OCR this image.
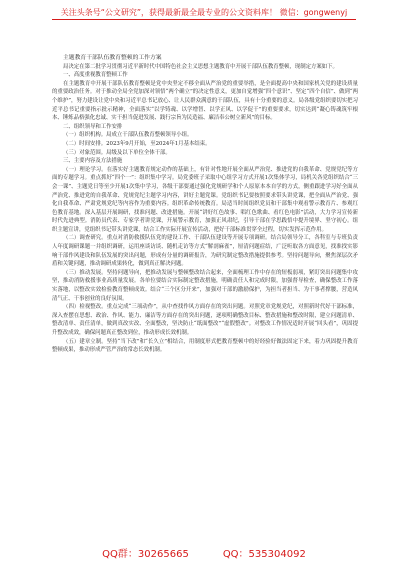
关注头条号“公文研究”，获得最新最全最专业的公文资料库！ 微信：gongwenyj

主题教育干部队伍教育整顿的工作方案

局决定在第二批学习贯彻习近平新时代中国特色社会主义思想主题教育中开展干部队伍教育整顿，现制定方案如下。

一、高度重视教育整顿工作

在主题教育中开展干部队伍教育整顿是党中央坚定不移全面从严治党的重要举措，是全面提高中央和国家机关党的建设质量的重要政治任务。对于推动全局全党加深对领悟“两个确立”的决定性意义，更加自觉增强“四个意识”、坚定“四个自信”、做到“两个维护”，努力建设让党中央和习近平总书记放心、让人民群众满意的干部队伍，具有十分重要的意义。局各级党组织要切实把习近平总书记重要指示批示精神，全面落实“以学铸魂、以学增智、以学正风、以学促干”的重要要求，切实达到“凝心铸魂筑牢根本、锤炼品格强化忠诚、实干担当促进发展、践行宗旨为民造福、廉洁奉公树立新风”的目标。

二、组织领导和工作安排

（一）组织机构。局成立干部队伍教育整顿领导小组。

（二）时间安排。2023年9月开始，至2024年1月基本结束。

（三）对象范围。局级及以下单位全体干部。

三、主要内容及方法措施

（一）理论学习。在落实好主题教育规定动作的基础上，有针对性地开展全面从严治党、推进党的自我革命、党规党纪等方面的专题学习。重点抓好“四个一”：组织集中学习。局党委班子采取中心组学习方式开展1次集体学习，局机关各党组织结合“三会一课”、主题党日等至少开展1次集中学习，各级干部要通过强化党规研学和个人原原本本自学的方式，侧重跟进学习好全面从严治党、推进党的自我革命、党规党纪主题学习内容，讲好主题党课。党组织书记要按照要求带头讲党课，把全面从严治党、强化自我革命、严肃党规党纪等内容作为重要内容。组织革命传统教育。局适当时间组织党员和干部集中观看警示教育片、参观红色教育基地。深入基层开展调研，找准问题、改进措施。开展“讲好红色故事、唱红色歌曲、看红色电影”活动，大力学习宣传新时代先进典型。消防员代表、专家学者讲党课，开展警示教育，加强正风肃纪，引导干部在学思践悟中提升境界、坚守初心。组织主题宣讲，党组织书记带头讲党课，结合工作实际开展宣传活动，把好干部标准贯穿全过程，切实发挥示范作用。

（二）调查研究。重点对消防救援队伍党的建设工作、干部队伍建设等开展专项调研。结合局领导分工，各科室与专班负责人年度调研课题一并组织调研，运用座谈访谈、随机走访等方式“解剖麻雀”，厘清问题症结，广泛听取各方面意见，找准找实影响干部作风建设和队伍发展的突出问题，形成有分量的调研报告，为研究制定整改措施提供参考。坚持问题导向，聚焦深层次矛盾和关键问题，推动调研成果转化，做到真正解决问题。

（三）推动发展。坚持问题导向，把推动发展与整顿整改结合起来，全面梳理工作中存在的短板弱项，紧盯突出问题集中攻坚，推动消防救援事业高质量发展。各单位要结合实际制定整改措施，明确责任人和完成时限，加强督导检查，确保整改工作落实落地，以整改实效检验教育整顿成效。结合“三个区分开来”，加强对干部的激励保护，为担当者担当、为干事者撑腰，营造风清气正、干事创业的良好氛围。

（四）检视整改。重点完成“三项动作”，从中查找作风方面存在的突出问题。对照党章党规党纪，对照新时代好干部标准，深入查摆在思想、政治、作风、能力、廉洁等方面存在的突出问题，逐项明确整改目标、整改措施和整改时限，建立问题清单、整改清单、责任清单，做到真改实改、全面整改，坚决防止“纸面整改”“虚假整改”。对整改工作情况适时开展“回头看”，巩固提升整改成效，确保问题真正整改到位，推动形成长效机制。

（五）建章立制。坚持“当下改”和“长久立”相结合，用制度形式把教育整顿中的好经验好做法固定下来，着力巩固提升教育整顿成果，推动形成严管严治的常态长效机制。

QQ群：30265665	QQ：535304092
